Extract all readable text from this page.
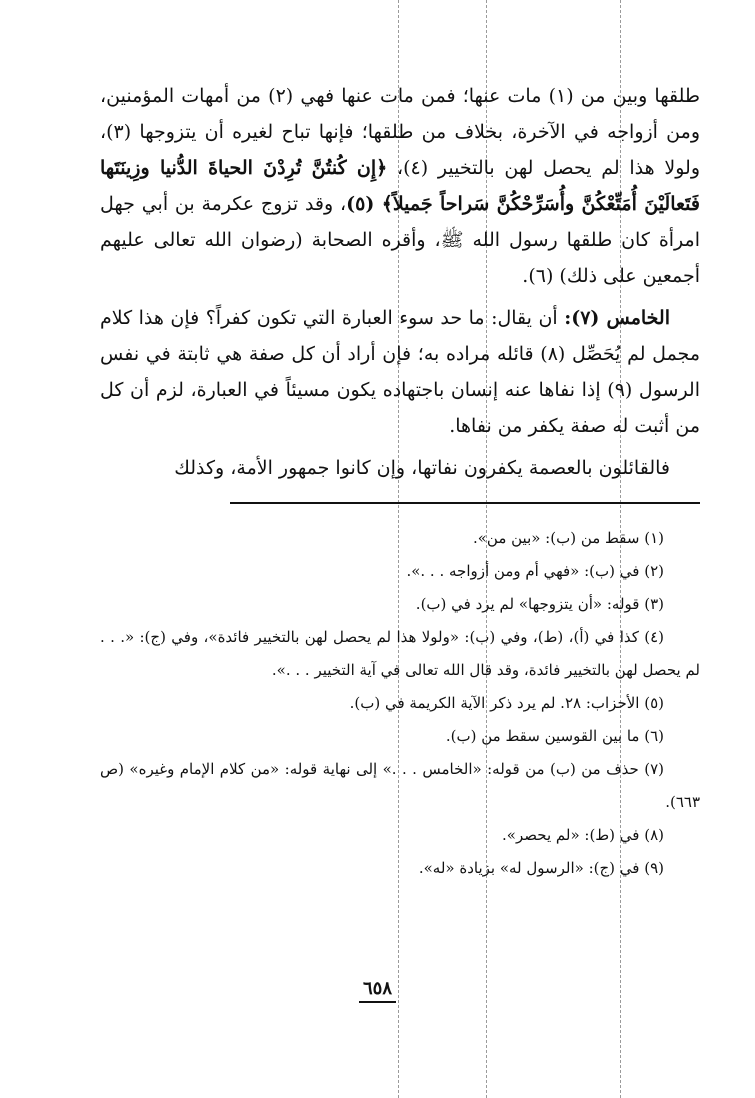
طلقها وبين من (١) مات عنها؛ فمن مات عنها فهي (٢) من أمهات المؤمنين، ومن أزواجه في الآخرة، بخلاف من طلقها؛ فإنها تباح لغيره أن يتزوجها (٣)، ولولا هذا لم يحصل لهن بالتخيير (٤)، ﴿إِن كُنتُنَّ تُرِدْنَ الحياةَ الدُّنيا وزِينَتَها فَتَعالَيْنَ أُمَتِّعْكُنَّ وأُسَرِّحْكُنَّ سَراحاً جَميلاً﴾ (٥)، وقد تزوج عكرمة بن أبي جهل امرأة كان طلقها رسول الله ﷺ، وأقره الصحابة (رضوان الله تعالى عليهم أجمعين على ذلك) (٦).

الخامس (٧): أن يقال: ما حد سوء العبارة التي تكون كفراً؟ فإن هذا كلام مجمل لم يُحَصِّل (٨) قائله مراده به؛ فإن أراد أن كل صفة هي ثابتة في نفس الرسول (٩) إذا نفاها عنه إنسان باجتهاده يكون مسيئاً في العبارة، لزم أن كل من أثبت له صفة يكفر من نفاها.

فالقائلون بالعصمة يكفرون نفاتها، وإن كانوا جمهور الأمة، وكذلك

(١) سقط من (ب): «بين من».

(٢) في (ب): «فهي أم ومن أزواجه . . .».

(٣) قوله: «أن يتزوجها» لم يرد في (ب).

(٤) كذا في (أ)، (ط)، وفي (ب): «ولولا هذا لم يحصل لهن بالتخيير فائدة»، وفي (ج): «. . . لم يحصل لهن بالتخيير فائدة، وقد قال الله تعالى في آية التخيير . . .».

(٥) الأحزاب: ٢٨. لم يرد ذكر الآية الكريمة في (ب).

(٦) ما بين القوسين سقط من (ب).

(٧) حذف من (ب) من قوله: «الخامس . . .» إلى نهاية قوله: «من كلام الإمام وغيره» (ص ٦٦٣).

(٨) في (ط): «لم يحصر».

(٩) في (ج): «الرسول له» بزيادة «له».

٦٥٨
